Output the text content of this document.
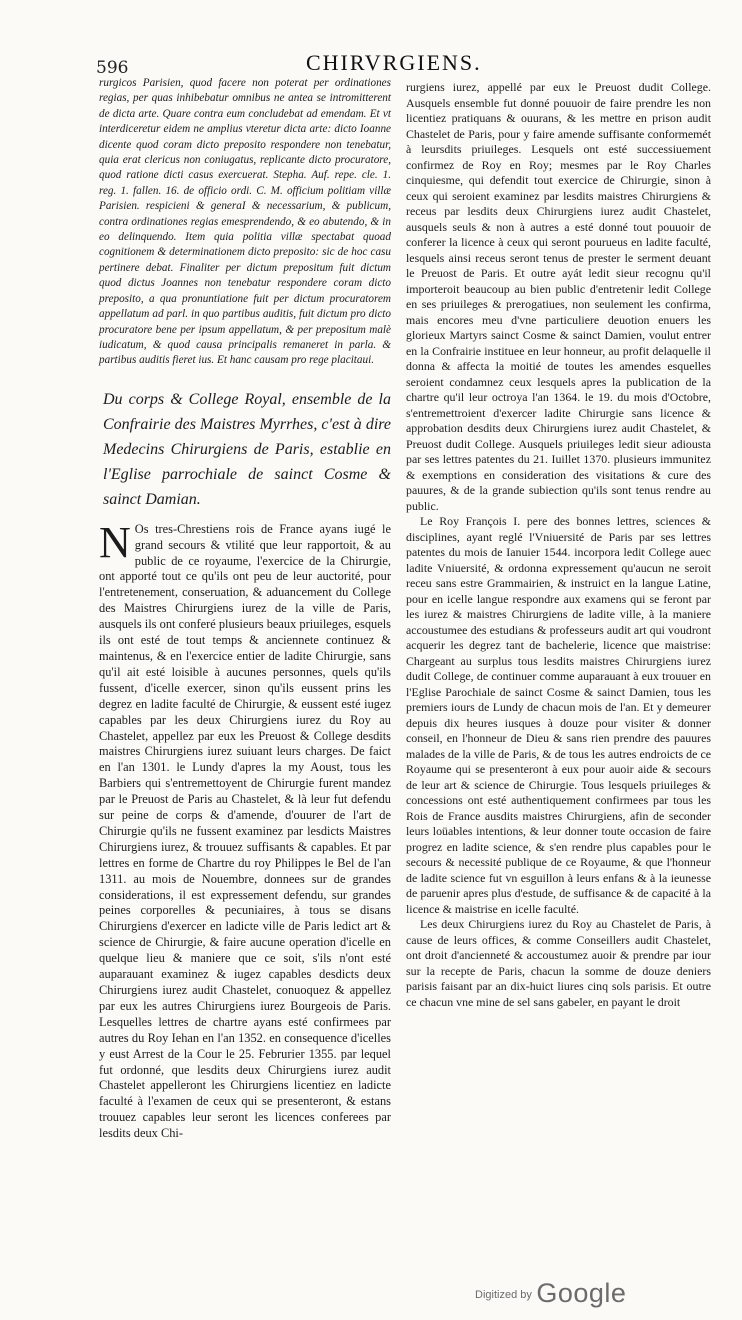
596	CHIRVRGIENS.

rurgicos Parisien, quod facere non poterat per ordinationes regias, per quas inhibebatur omnibus ne antea se intromitterent de dicta arte. Quare contra eum concludebat ad emendam. Et vt interdiceretur eidem ne amplius vteretur dicta arte: dicto Ioanne dicente quod coram dicto preposito respondere non tenebatur, quia erat clericus non coniugatus, replicante dicto procuratore, quod ratione dicti casus exercuerat. Stepha. Auf. repe. cle. 1. reg. 1. fallen. 16. de officio ordi. C. M. officium politiam villæ Parisien. respicieni & generaI & necessarium, & publicum, contra ordinationes regias emesprendendo, & eo abutendo, & in eo delinquendo. Item quia politia villæ spectabat quoad cognitionem & determinationem dicto preposito: sic de hoc casu pertinere debat. Finaliter per dictum prepositum fuit dictum quod dictus Joannes non tenebatur respondere coram dicto preposito, a qua pronuntiatione fuit per dictum procuratorem appellatum ad parl. in quo partibus auditis, fuit dictum pro dicto procuratore bene per ipsum appellatum, & per prepositum malè iudicatum, & quod causa principalis remaneret in parla. & partibus auditis fieret ius. Et hanc causam pro rege placitaui.

Du corps & College Royal, ensemble de la Confrairie des Maistres Myrrhes, c'est à dire Medecins Chirurgiens de Paris, establie en l'Eglise parrochiale de sainct Cosme & sainct Damian.

N Os tres-Chrestiens rois de France ayans iugé le grand secours & vtilité que leur rapportoit, & au public de ce royaume, l'exercice de la Chirurgie, ont apporté tout ce qu'ils ont peu de leur auctorité, pour l'entretenement, conseruation, & aduancement du College des Maistres Chirurgiens iurez de la ville de Paris, ausquels ils ont conferé plusieurs beaux priuileges, esquels ils ont esté de tout temps & anciennete continuez & maintenus, & en l'exercice entier de ladite Chirurgie, sans qu'il ait esté loisible à aucunes personnes, quels qu'ils fussent, d'icelle exercer, sinon qu'ils eussent prins les degrez en ladite faculté de Chirurgie, & eussent esté iugez capables par les deux Chirurgiens iurez du Roy au Chastelet, appellez par eux les Preuost & College desdits maistres Chirurgiens iurez suiuant leurs charges. De faict en l'an 1301. le Lundy d'apres la my Aoust, tous les Barbiers qui s'entremettoyent de Chirurgie furent mandez par le Preuost de Paris au Chastelet, & là leur fut defendu sur peine de corps & d'amende, d'ouurer de l'art de Chirurgie qu'ils ne fussent examinez par lesdicts Maistres Chirurgiens iurez, & trouuez suffisants & capables. Et par lettres en forme de Chartre du roy Philippes le Bel de l'an 1311. au mois de Nouembre, donnees sur de grandes considerations, il est expressement defendu, sur grandes peines corporelles & pecuniaires, à tous se disans Chirurgiens d'exercer en ladicte ville de Paris ledict art & science de Chirurgie, & faire aucune operation d'icelle en quelque lieu & maniere que ce soit, s'ils n'ont esté auparauant examinez & iugez capables desdicts deux Chirurgiens iurez audit Chastelet, conuoquez & appellez par eux les autres Chirurgiens iurez Bourgeois de Paris. Lesquelles lettres de chartre ayans esté confirmees par autres du Roy Iehan en l'an 1352. en consequence d'icelles y eust Arrest de la Cour le 25. Februrier 1355. par lequel fut ordonné, que lesdits deux Chirurgiens iurez audit Chastelet appelleront les Chirurgiens licentiez en ladicte faculté à l'examen de ceux qui se presenteront, & estans trouuez capables leur seront les licences conferees par lesdits deux Chi-

rurgiens iurez, appellé par eux le Preuost dudit College. Ausquels ensemble fut donné pouuoir de faire prendre les non licentiez pratiquans & ouurans, & les mettre en prison audit Chastelet de Paris, pour y faire amende suffisante conformemét à leursdits priuileges. Lesquels ont esté successiuement confirmez de Roy en Roy; mesmes par le Roy Charles cinquiesme, qui defendit tout exercice de Chirurgie, sinon à ceux qui seroient examinez par lesdits maistres Chirurgiens & receus par lesdits deux Chirurgiens iurez audit Chastelet, ausquels seuls & non à autres a esté donné tout pouuoir de conferer la licence à ceux qui seront pourueus en ladite faculté, lesquels ainsi receus seront tenus de prester le serment deuant le Preuost de Paris. Et outre ayát ledit sieur recognu qu'il importeroit beaucoup au bien public d'entretenir ledit College en ses priuileges & prerogatiues, non seulement les confirma, mais encores meu d'vne particuliere deuotion enuers les glorieux Martyrs sainct Cosme & sainct Damien, voulut entrer en la Confrairie instituee en leur honneur, au profit delaquelle il donna & affecta la moitié de toutes les amendes esquelles seroient condamnez ceux lesquels apres la publication de la chartre qu'il leur octroya l'an 1364. le 19. du mois d'Octobre, s'entremettroient d'exercer ladite Chirurgie sans licence & approbation desdits deux Chirurgiens iurez audit Chastelet, & Preuost dudit College. Ausquels priuileges ledit sieur adiousta par ses lettres patentes du 21. Iuillet 1370. plusieurs immunitez & exemptions en consideration des visitations & cure des pauures, & de la grande subiection qu'ils sont tenus rendre au public.

Le Roy François I. pere des bonnes lettres, sciences & disciplines, ayant reglé l'Vniuersité de Paris par ses lettres patentes du mois de Ianuier 1544. incorpora ledit College auec ladite Vniuersité, & ordonna expressement qu'aucun ne seroit receu sans estre Grammairien, & instruict en la langue Latine, pour en icelle langue respondre aux examens qui se feront par les iurez & maistres Chirurgiens de ladite ville, à la maniere accoustumee des estudians & professeurs audit art qui voudront acquerir les degrez tant de bachelerie, licence que maistrise: Chargeant au surplus tous lesdits maistres Chirurgiens iurez dudit College, de continuer comme auparauant à eux trouuer en l'Eglise Parochiale de sainct Cosme & sainct Damien, tous les premiers iours de Lundy de chacun mois de l'an. Et y demeurer depuis dix heures iusques à douze pour visiter & donner conseil, en l'honneur de Dieu & sans rien prendre des pauures malades de la ville de Paris, & de tous les autres endroicts de ce Royaume qui se presenteront à eux pour auoir aide & secours de leur art & science de Chirurgie. Tous lesquels priuileges & concessions ont esté authentiquement confirmees par tous les Rois de France ausdits maistres Chirurgiens, afin de seconder leurs loüables intentions, & leur donner toute occasion de faire progrez en ladite science, & s'en rendre plus capables pour le secours & necessité publique de ce Royaume, & que l'honneur de ladite science fut vn esguillon à leurs enfans & à la ieunesse de paruenir apres plus d'estude, de suffisance & de capacité à la licence & maistrise en icelle faculté.

Les deux Chirurgiens iurez du Roy au Chastelet de Paris, à cause de leurs offices, & comme Conseillers audit Chastelet, ont droit d'ancienneté & accoustumez auoir & prendre par iour sur la recepte de Paris, chacun la somme de douze deniers parisis faisant par an dix-huict liures cinq sols parisis. Et outre ce chacun vne mine de sel sans gabeler, en payant le droit

$^{Digitized by}$ Google
